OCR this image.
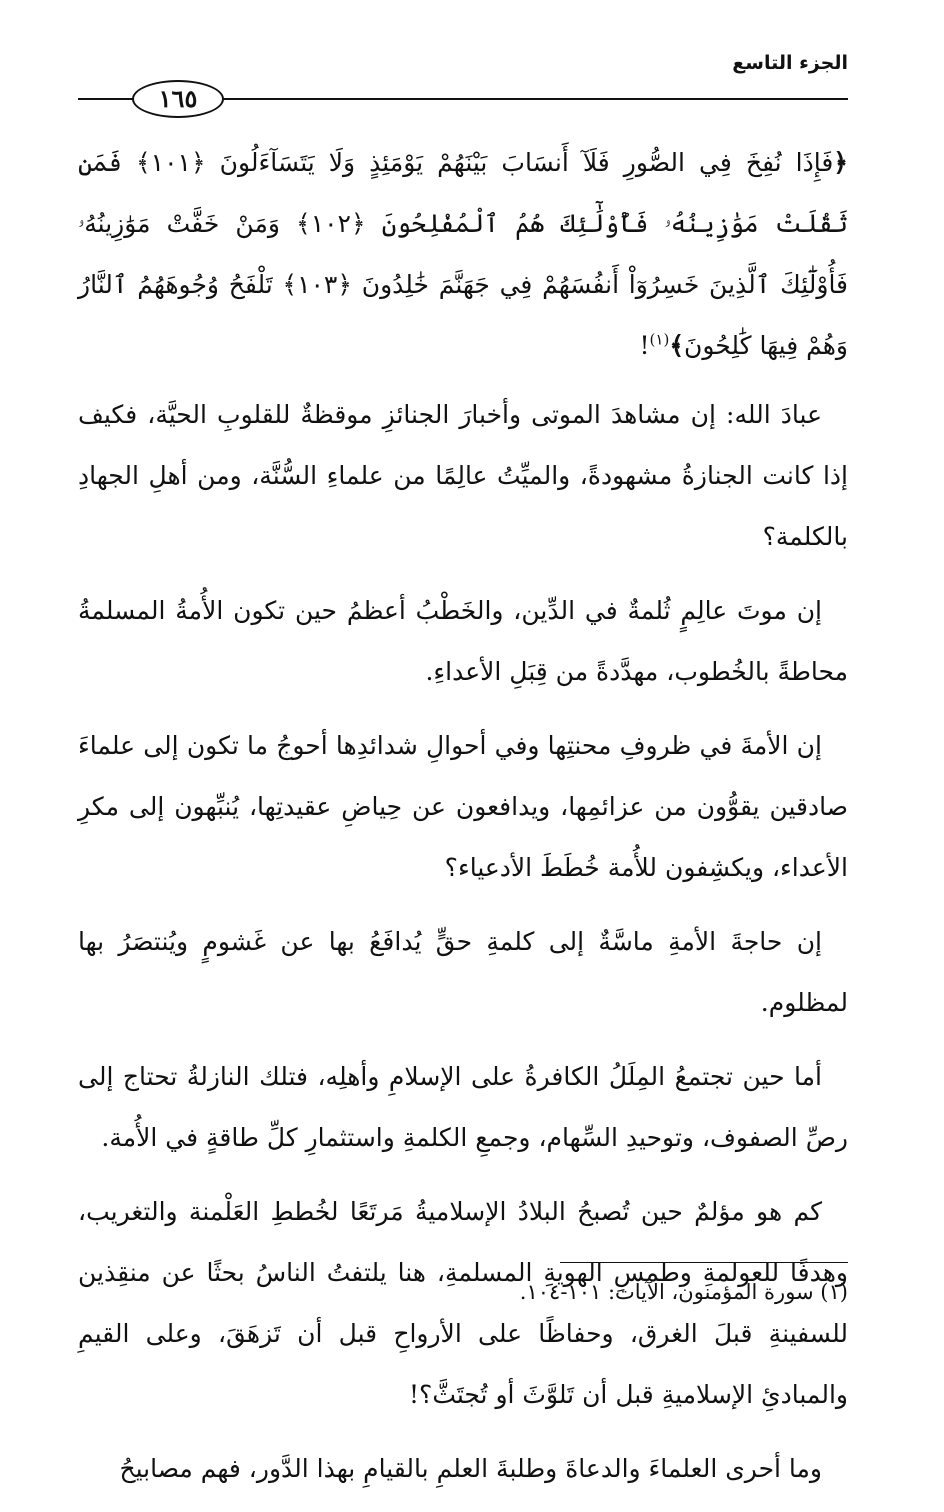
الجزء التاسع
١٦٥

﴿فَإِذَا نُفِخَ فِي الصُّورِ فَلَآ أَنسَابَ بَيْنَهُمْ يَوْمَئِذٍ وَلَا يَتَسَآءَلُونَ ﴿١٠١﴾ فَمَن ثَقُلَتْ مَوَٰزِينُهُۥ فَأُوْلَٰٓئِكَ هُمُ ٱلْمُفْلِحُونَ ﴿١٠٢﴾ وَمَنْ خَفَّتْ مَوَٰزِينُهُۥ فَأُوْلَٰٓئِكَ ٱلَّذِينَ خَسِرُوٓاْ أَنفُسَهُمْ فِي جَهَنَّمَ خَٰلِدُونَ ﴿١٠٣﴾ تَلْفَحُ وُجُوهَهُمُ ٱلنَّارُ وَهُمْ فِيهَا كَٰلِحُونَ﴾$^{(١)}$!

عبادَ الله: إن مشاهدَ الموتى وأخبارَ الجنائزِ موقظةٌ للقلوبِ الحيَّة، فكيف إذا كانت الجنازةُ مشهودةً، والميِّتُ عالِمًا من علماءِ السُّنَّة، ومن أهلِ الجهادِ بالكلمة؟

إن موتَ عالِمٍ ثُلمةٌ في الدِّين، والخَطْبُ أعظمُ حين تكون الأُمةُ المسلمةُ محاطةً بالخُطوب، مهدَّدةً من قِبَلِ الأعداءِ.

إن الأمةَ في ظروفِ محنتِها وفي أحوالِ شدائدِها أحوجُ ما تكون إلى علماءَ صادقين يقوُّون من عزائمِها، ويدافعون عن حِياضِ عقيدتِها، يُنبِّهون إلى مكرِ الأعداء، ويكشِفون للأُمة خُطَطَ الأدعياء؟

إن حاجةَ الأمةِ ماسَّةٌ إلى كلمةِ حقٍّ يُدافَعُ بها عن غَشومٍ ويُنتصَرُ بها لمظلوم.

أما حين تجتمعُ المِلَلُ الكافرةُ على الإسلامِ وأهلِه، فتلك النازلةُ تحتاج إلى رصِّ الصفوف، وتوحيدِ السِّهام، وجمعِ الكلمةِ واستثمارِ كلِّ طاقةٍ في الأُمة.

كم هو مؤلمٌ حين تُصبحُ البلادُ الإسلاميةُ مَرتَعًا لخُططِ العَلْمنة والتغريب، وهدفًا للعولمةِ وطمسِ الهويةِ المسلمةِ، هنا يلتفتُ الناسُ بحثًا عن منقِذين للسفينةِ قبلَ الغرق، وحفاظًا على الأرواحِ قبل أن تَزهَقَ، وعلى القيمِ والمبادئِ الإسلاميةِ قبل أن تَلوَّثَ أو تُجتَثَّ؟!

وما أحرى العلماءَ والدعاةَ وطلبةَ العلمِ بالقيامِ بهذا الدَّور، فهم مصابيحُ

(١) سورة المؤمنون، الآيات: ١٠١-١٠٤.
